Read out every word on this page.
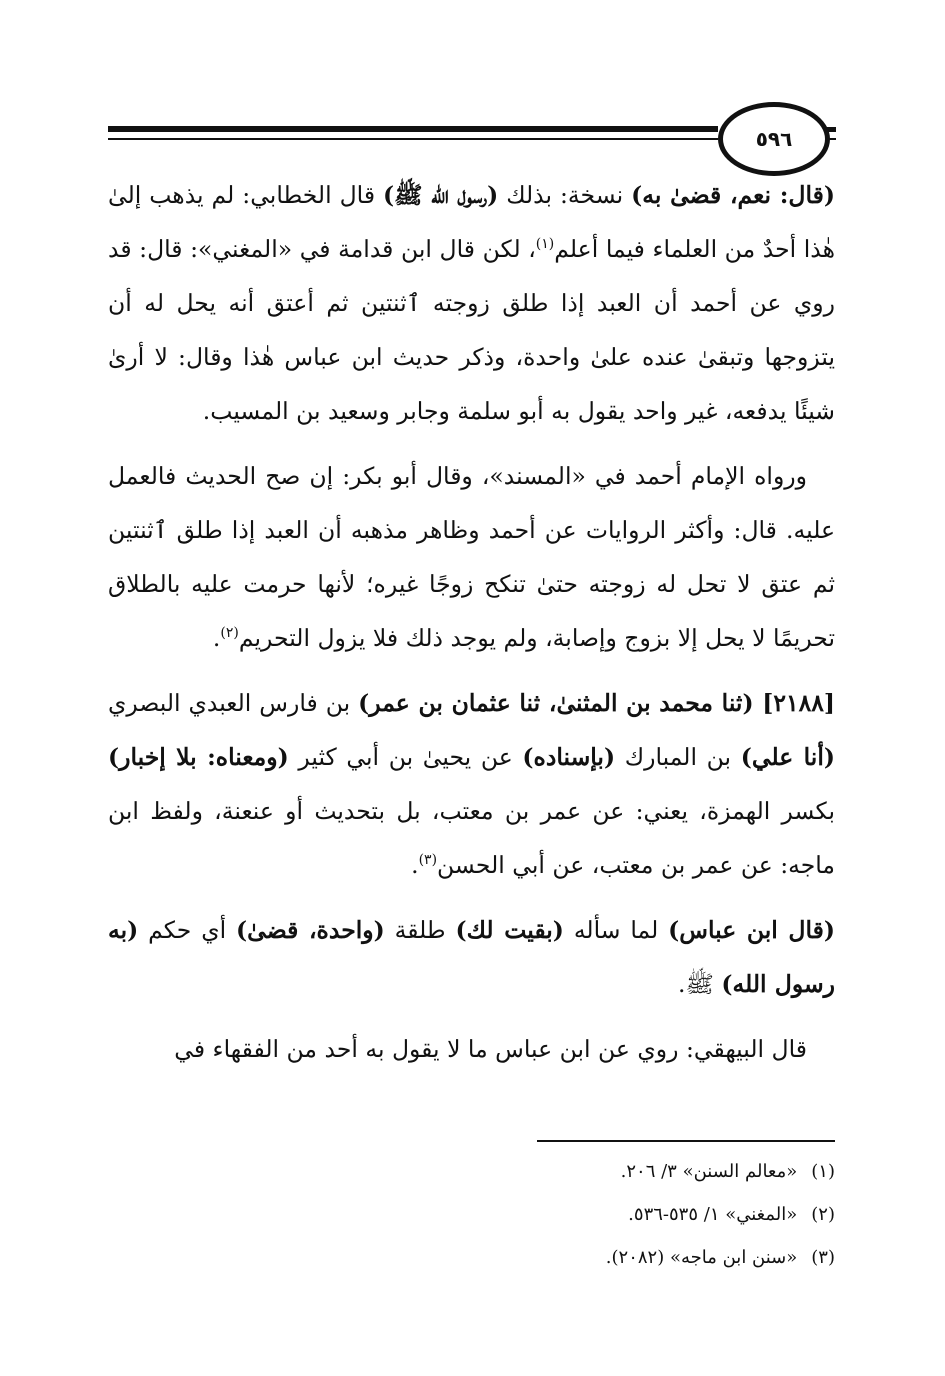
٥٩٦

(قال: نعم، قضىٰ به) نسخة: بذلك (رسول الله ﷺ) قال الخطابي: لم يذهب إلىٰ هٰذا أحدٌ من العلماء فيما أعلم$^{(١)}$، لكن قال ابن قدامة في «المغني»: قال: قد روي عن أحمد أن العبد إذا طلق زوجته ٱثنتين ثم أعتق أنه يحل له أن يتزوجها وتبقىٰ عنده علىٰ واحدة، وذكر حديث ابن عباس هٰذا وقال: لا أرىٰ شيئًا يدفعه، غير واحد يقول به أبو سلمة وجابر وسعيد بن المسيب.

ورواه الإمام أحمد في «المسند»، وقال أبو بكر: إن صح الحديث فالعمل عليه. قال: وأكثر الروايات عن أحمد وظاهر مذهبه أن العبد إذا طلق ٱثنتين ثم عتق لا تحل له زوجته حتىٰ تنكح زوجًا غيره؛ لأنها حرمت عليه بالطلاق تحريمًا لا يحل إلا بزوج وإصابة، ولم يوجد ذلك فلا يزول التحريم$^{(٢)}$.

[٢١٨٨] (ثنا محمد بن المثنىٰ، ثنا عثمان بن عمر) بن فارس العبدي البصري (أنا علي) بن المبارك (بإسناده) عن يحيىٰ بن أبي كثير (ومعناه: بلا إخبار) بكسر الهمزة، يعني: عن عمر بن معتب، بل بتحديث أو عنعنة، ولفظ ابن ماجه: عن عمر بن معتب، عن أبي الحسن$^{(٣)}$.

(قال ابن عباس) لما سأله (بقيت لك) طلقة (واحدة، قضىٰ) أي حكم (به رسول الله) ﷺ.

قال البيهقي: روي عن ابن عباس ما لا يقول به أحد من الفقهاء في

(١)«معالم السنن» ٣/ ٢٠٦.
(٢)«المغني» ١/ ٥٣٥-٥٣٦.
(٣)«سنن ابن ماجه» (٢٠٨٢).
